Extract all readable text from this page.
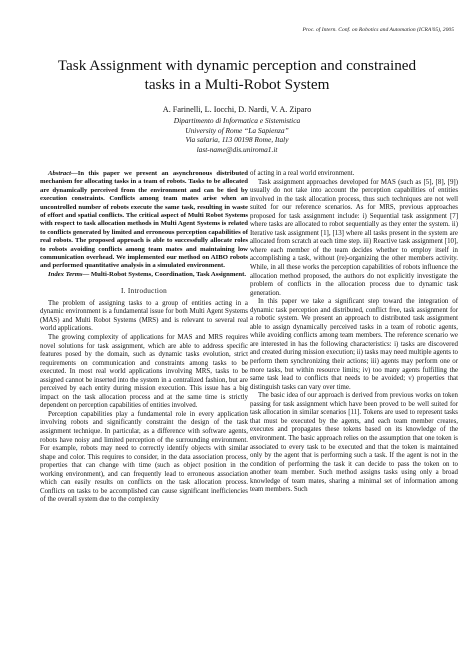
Proc. of Intern. Conf. on Robotics and Automation (ICRA'05), 2005
Task Assignment with dynamic perception and constrained
tasks in a Multi-Robot System
A. Farinelli, L. Iocchi, D. Nardi, V. A. Ziparo
Dipartimento di Informatica e Sistemistica
University of Rome “La Sapienza”
Via salaria, 113 00198 Rome, Italy
last-name@dis.uniroma1.it

Abstract—In this paper we present an asynchronous distributed mechanism for allocating tasks in a team of robots. Tasks to be allocated are dynamically perceived from the environment and can be tied by execution constraints. Conflicts among team mates arise when an uncontrolled number of robots execute the same task, resulting in waste of effort and spatial conflicts. The critical aspect of Multi Robot Systems with respect to task allocation methods in Multi Agent Systems is related to conflicts generated by limited and erroneous perception capabilities of real robots. The proposed approach is able to successfully allocate roles to robots avoiding conflicts among team mates and maintaining low communication overhead. We implemented our method on AIBO robots and performed quantitative analysis in a simulated environment.

Index Terms— Multi-Robot Systems, Coordination, Task Assignment.

I. Introduction

The problem of assigning tasks to a group of entities acting in a dynamic environment is a fundamental issue for both Multi Agent Systems (MAS) and Multi Robot Systems (MRS) and is relevant to several real world applications.

The growing complexity of applications for MAS and MRS requires novel solutions for task assignment, which are able to address specific features posed by the domain, such as dynamic tasks evolution, strict requirements on communication and constraints among tasks to be executed. In most real world applications involving MRS, tasks to be assigned cannot be inserted into the system in a centralized fashion, but are perceived by each entity during mission execution. This issue has a big impact on the task allocation process and at the same time is strictly dependent on perception capabilities of entities involved.

Perception capabilities play a fundamental role in every application involving robots and significantly constraint the design of the task assignment technique. In particular, as a difference with software agents, robots have noisy and limited perception of the surrounding environment. For example, robots may need to correctly identify objects with similar shape and color. This requires to consider, in the data association process, properties that can change with time (such as object position in the working environment), and can frequently lead to erroneous association which can easily results on conflicts on the task allocation process. Conflicts on tasks to be accomplished can cause significant inefficiencies of the overall system due to the complexity

of acting in a real world environment.

Task assignment approaches developed for MAS (such as [5], [8], [9]) usually do not take into account the perception capabilities of entities involved in the task allocation process, thus such techniques are not well suited for our reference scenarios. As for MRS, previous approaches proposed for task assignment include: i) Sequential task assignment [7] where tasks are allocated to robot sequentially as they enter the system. ii) Iterative task assignment [1], [13] where all tasks present in the system are allocated from scratch at each time step. iii) Reactive task assignment [10], where each member of the team decides whether to employ itself in accomplishing a task, without (re)-organizing the other members activity. While, in all these works the perception capabilities of robots influence the allocation method proposed, the authors do not explicitly investigate the problem of conflicts in the allocation process due to dynamic task generation.

In this paper we take a significant step toward the integration of dynamic task perception and distributed, conflict free, task assignment for a robotic system. We present an approach to distributed task assignment able to assign dynamically perceived tasks in a team of robotic agents, while avoiding conflicts among team members. The reference scenario we are interested in has the following characteristics: i) tasks are discovered and created during mission execution; ii) tasks may need multiple agents to perform them synchronizing their actions; iii) agents may perform one or more tasks, but within resource limits; iv) too many agents fulfilling the same task lead to conflicts that needs to be avoided; v) properties that distinguish tasks can vary over time.

The basic idea of our approach is derived from previous works on token passing for task assignment which have been proved to be well suited for task allocation in similar scenarios [11]. Tokens are used to represent tasks that must be executed by the agents, and each team member creates, executes and propagates these tokens based on its knowledge of the environment. The basic approach relies on the assumption that one token is associated to every task to be executed and that the token is maintained only by the agent that is performing such a task. If the agent is not in the condition of performing the task it can decide to pass the token on to another team member. Such method assigns tasks using only a broad knowledge of team mates, sharing a minimal set of information among team members. Such
